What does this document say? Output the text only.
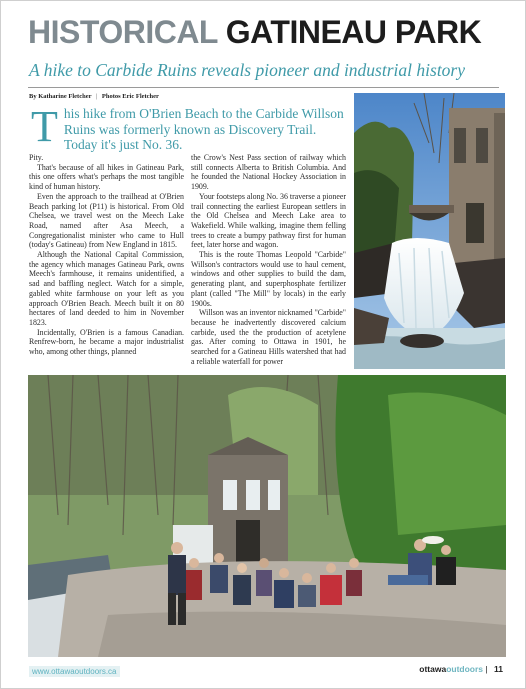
HISTORICAL GATINEAU PARK
A hike to Carbide Ruins reveals pioneer and industrial history
By Katharine Fletcher | Photos Eric Fletcher
T his hike from O'Brien Beach to the Carbide Willson Ruins was formerly known as Discovery Trail. Today it's just No. 36.

Pity.

That's because of all hikes in Gatineau Park, this one offers what's perhaps the most tangible kind of human history.

Even the approach to the trailhead at O'Brien Beach parking lot (P11) is historical. From Old Chelsea, we travel west on the Meech Lake Road, named after Asa Meech, a Congregationalist minister who came to Hull (today's Gatineau) from New England in 1815.

Although the National Capital Commission, the agency which manages Gatineau Park, owns Meech's farmhouse, it remains unidentified, a sad and baffling neglect. Watch for a simple, gabled white farmhouse on your left as you approach O'Brien Beach. Meech built it on 80 hectares of land deeded to him in November 1823.

Incidentally, O'Brien is a famous Canadian. Renfrew-born, he became a major industrialist who, among other things, planned

the Crow's Nest Pass section of railway which still connects Alberta to British Columbia. And he founded the National Hockey Association in 1909.

Your footsteps along No. 36 traverse a pioneer trail connecting the earliest European settlers in the Old Chelsea and Meech Lake area to Wakefield. While walking, imagine them felling trees to create a bumpy pathway first for human feet, later horse and wagon.

This is the route Thomas Leopold "Carbide" Willson's contractors would use to haul cement, windows and other supplies to build the dam, generating plant, and superphosphate fertilizer plant (called "The Mill" by locals) in the early 1900s.

Willson was an inventor nicknamed "Carbide" because he inadvertently discovered calcium carbide, used the the production of acetylene gas. After coming to Ottawa in 1901, he searched for a Gatineau Hills watershed that had a reliable waterfall for power

www.ottawaoutdoors.ca	ottawaoutdoors | 11
